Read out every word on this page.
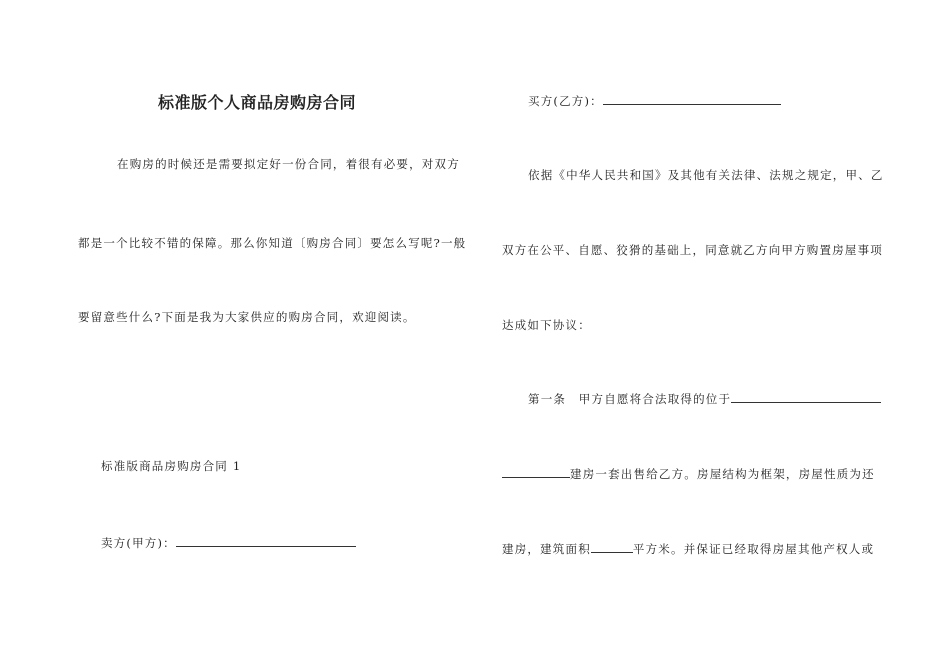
标准版个人商品房购房合同
在购房的时候还是需要拟定好一份合同，着很有必要，对双方
都是一个比较不错的保障。那么你知道〔购房合同〕要怎么写呢?一般
要留意些什么?下面是我为大家供应的购房合同，欢迎阅读。
标准版商品房购房合同 1
卖方(甲方)：
买方(乙方)：
依据《中华人民共和国》及其他有关法律、法规之规定，甲、乙
双方在公平、自愿、狡猾的基础上，同意就乙方向甲方购置房屋事项
达成如下协议：
第一条　甲方自愿将合法取得的位于
建房一套出售给乙方。房屋结构为框架，房屋性质为还
建房，建筑面积	平方米。并保证已经取得房屋其他产权人或
